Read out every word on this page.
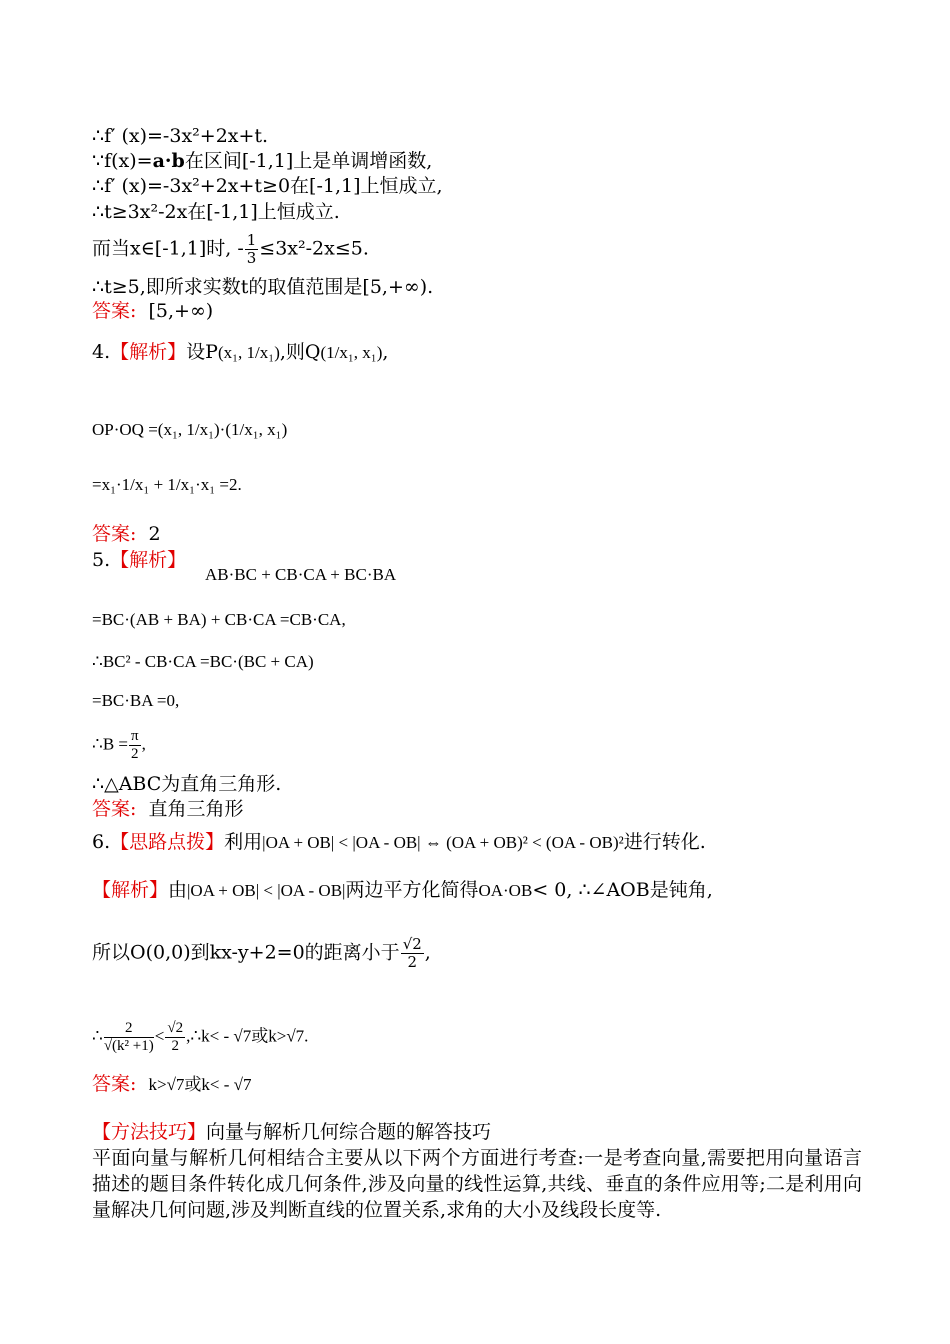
∴f′ (x)=-3x²+2x+t.
∵f(x)=a·b在区间[-1,1]上是单调增函数,
∴f′ (x)=-3x²+2x+t≥0在[-1,1]上恒成立,
∴t≥3x²-2x在[-1,1]上恒成立.
而当x∈[-1,1]时, - $\frac{1}{3} \le 3x^2-2x\le 5$.
∴t≥5,即所求实数t的取值范围是[5,+∞).
答案: [5,+∞)
4.【解析】设P(x₁, 1/x₁),则Q(1/x₁, x₁),
OP·OQ =(x₁, 1/x₁)·(1/x₁, x₁)
=x₁·1/x₁ + 1/x₁·x₁ =2.
答案: 2
5.【解析】
AB·BC + CB·CA + BC·BA
=BC·(AB + BA) + CB·CA =CB·CA,
∴BC² - CB·CA =BC·(BC + CA)
=BC·BA =0,
∴B = $\frac{\pi}{2}$ ,
∴△ABC为直角三角形.
答案: 直角三角形
6.【思路点拨】利用|OA + OB| < |OA - OB| ⇔ (OA + OB)² < (OA - OB)²进行转化.
【解析】由|OA + OB| < |OA - OB|两边平方化简得OA·OB< 0, ∴∠AOB是钝角,
所以O(0,0)到kx-y+2=0的距离小于 $\frac{√2}{2}$ ,
∴ $\frac{2}{\text{√(k² +1)}} < \frac{√2}{2}$ ,∴k< - √7或k>√7.
答案: k>√7或k< - √7
【方法技巧】向量与解析几何综合题的解答技巧
平面向量与解析几何相结合主要从以下两个方面进行考查:一是考查向量,需要把用向量语言描述的题目条件转化成几何条件,涉及向量的线性运算,共线、垂直的条件应用等;二是利用向量解决几何问题,涉及判断直线的位置关系,求角的大小及线段长度等.
